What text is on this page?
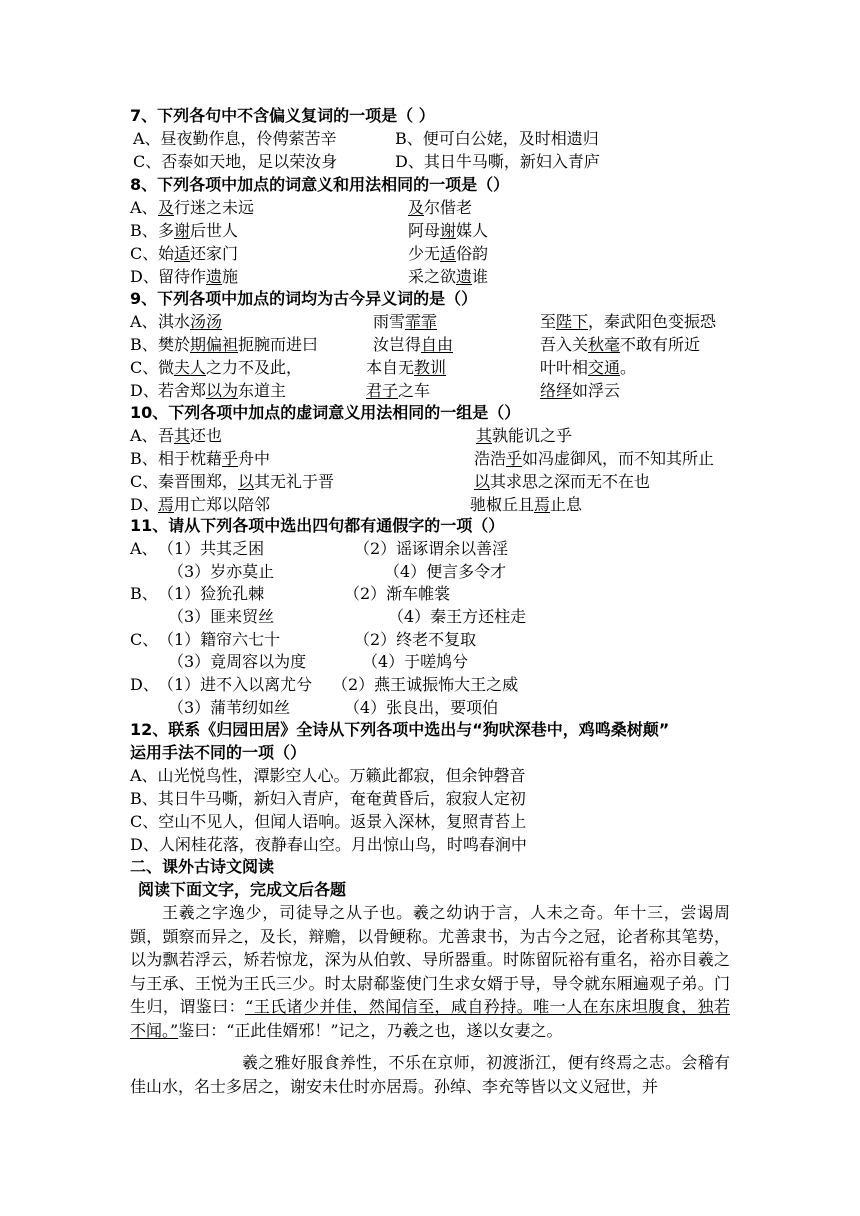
7、下列各句中不含偏义复词的一项是（ ）
A、昼夜勤作息，伶俜萦苦辛	B、便可白公姥，及时相遗归
C、否泰如天地，足以荣汝身	D、其日牛马嘶，新妇入青庐
8、下列各项中加点的词意义和用法相同的一项是（）
A、 及行迷之未远	及尔偕老
B、 多谢后世人	阿母谢媒人
C、 始适还家门	少无适俗韵
D、 留待作遗施	采之欲遗谁
9、下列各项中加点的词均为古今异义词的是（）
A、 淇水汤汤	雨雪霏霏	至陛下，秦武阳色变振恐
B、 樊於期偏袒扼腕而进曰	汝岂得自由	吾入关秋毫不敢有所近
C、 微夫人之力不及此，	本自无教训	叶叶相交通。
D、 若舍郑以为东道主	君子之车	络绎如浮云
10、下列各项中加点的虚词意义用法相同的一组是（）
A、 吾其还也	其孰能讥之乎
B、 相于枕藉乎舟中	浩浩乎如冯虚御风，而不知其所止
C、 秦晋围郑，以其无礼于晋	以其求思之深而无不在也
D、 焉用亡郑以陪邻	驰椒丘且焉止息
11、请从下列各项中选出四句都有通假字的一项（）
A、 （1）共其乏困	（2）谣诼谓余以善淫
（3）岁亦莫止	（4）便言多令才
B、 （1）猃狁孔棘	（2）渐车帷裳
（3）匪来贸丝	（4）秦王方还柱走
C、 （1）籍帘六七十	（2）终老不复取
（3）竟周容以为度	（4）于嗟鸠兮
D、 （1）进不入以离尤兮 （2）燕王诚振怖大王之威
（3）蒲苇纫如丝	（4）张良出，要项伯
12、联系《归园田居》全诗从下列各项中选出与“狗吠深巷中，鸡鸣桑树颠”
运用手法不同的一项（）
A、山光悦鸟性，潭影空人心。万籁此都寂，但余钟磬音
B、其日牛马嘶，新妇入青庐，奄奄黄昏后，寂寂人定初
C、空山不见人，但闻人语响。返景入深林，复照青苔上
D、人闲桂花落，夜静春山空。月出惊山鸟，时鸣春涧中
二、课外古诗文阅读
阅读下面文字，完成文后各题
王羲之字逸少，司徒导之从子也。羲之幼讷于言，人未之奇。年十三，尝谒周顗，顗察而异之，及长，辩赡，以骨鲠称。尤善隶书，为古今之冠，论者称其笔势，以为飘若浮云，矫若惊龙，深为从伯敦、导所器重。时陈留阮裕有重名，裕亦目羲之与王承、王悦为王氏三少。时太尉郗鉴使门生求女婿于导，导令就东厢遍观子弟。门生归，谓鉴曰：“王氏诸少并佳，然闻信至，咸自矜持。唯一人在东床坦腹食，独若不闻。”鉴曰：“正此佳婿邪！”记之，乃羲之也，遂以女妻之。
羲之雅好服食养性，不乐在京师，初渡浙江，便有终焉之志。会稽有佳山水，名士多居之，谢安未仕时亦居焉。孙绰、李充等皆以文义冠世，并
